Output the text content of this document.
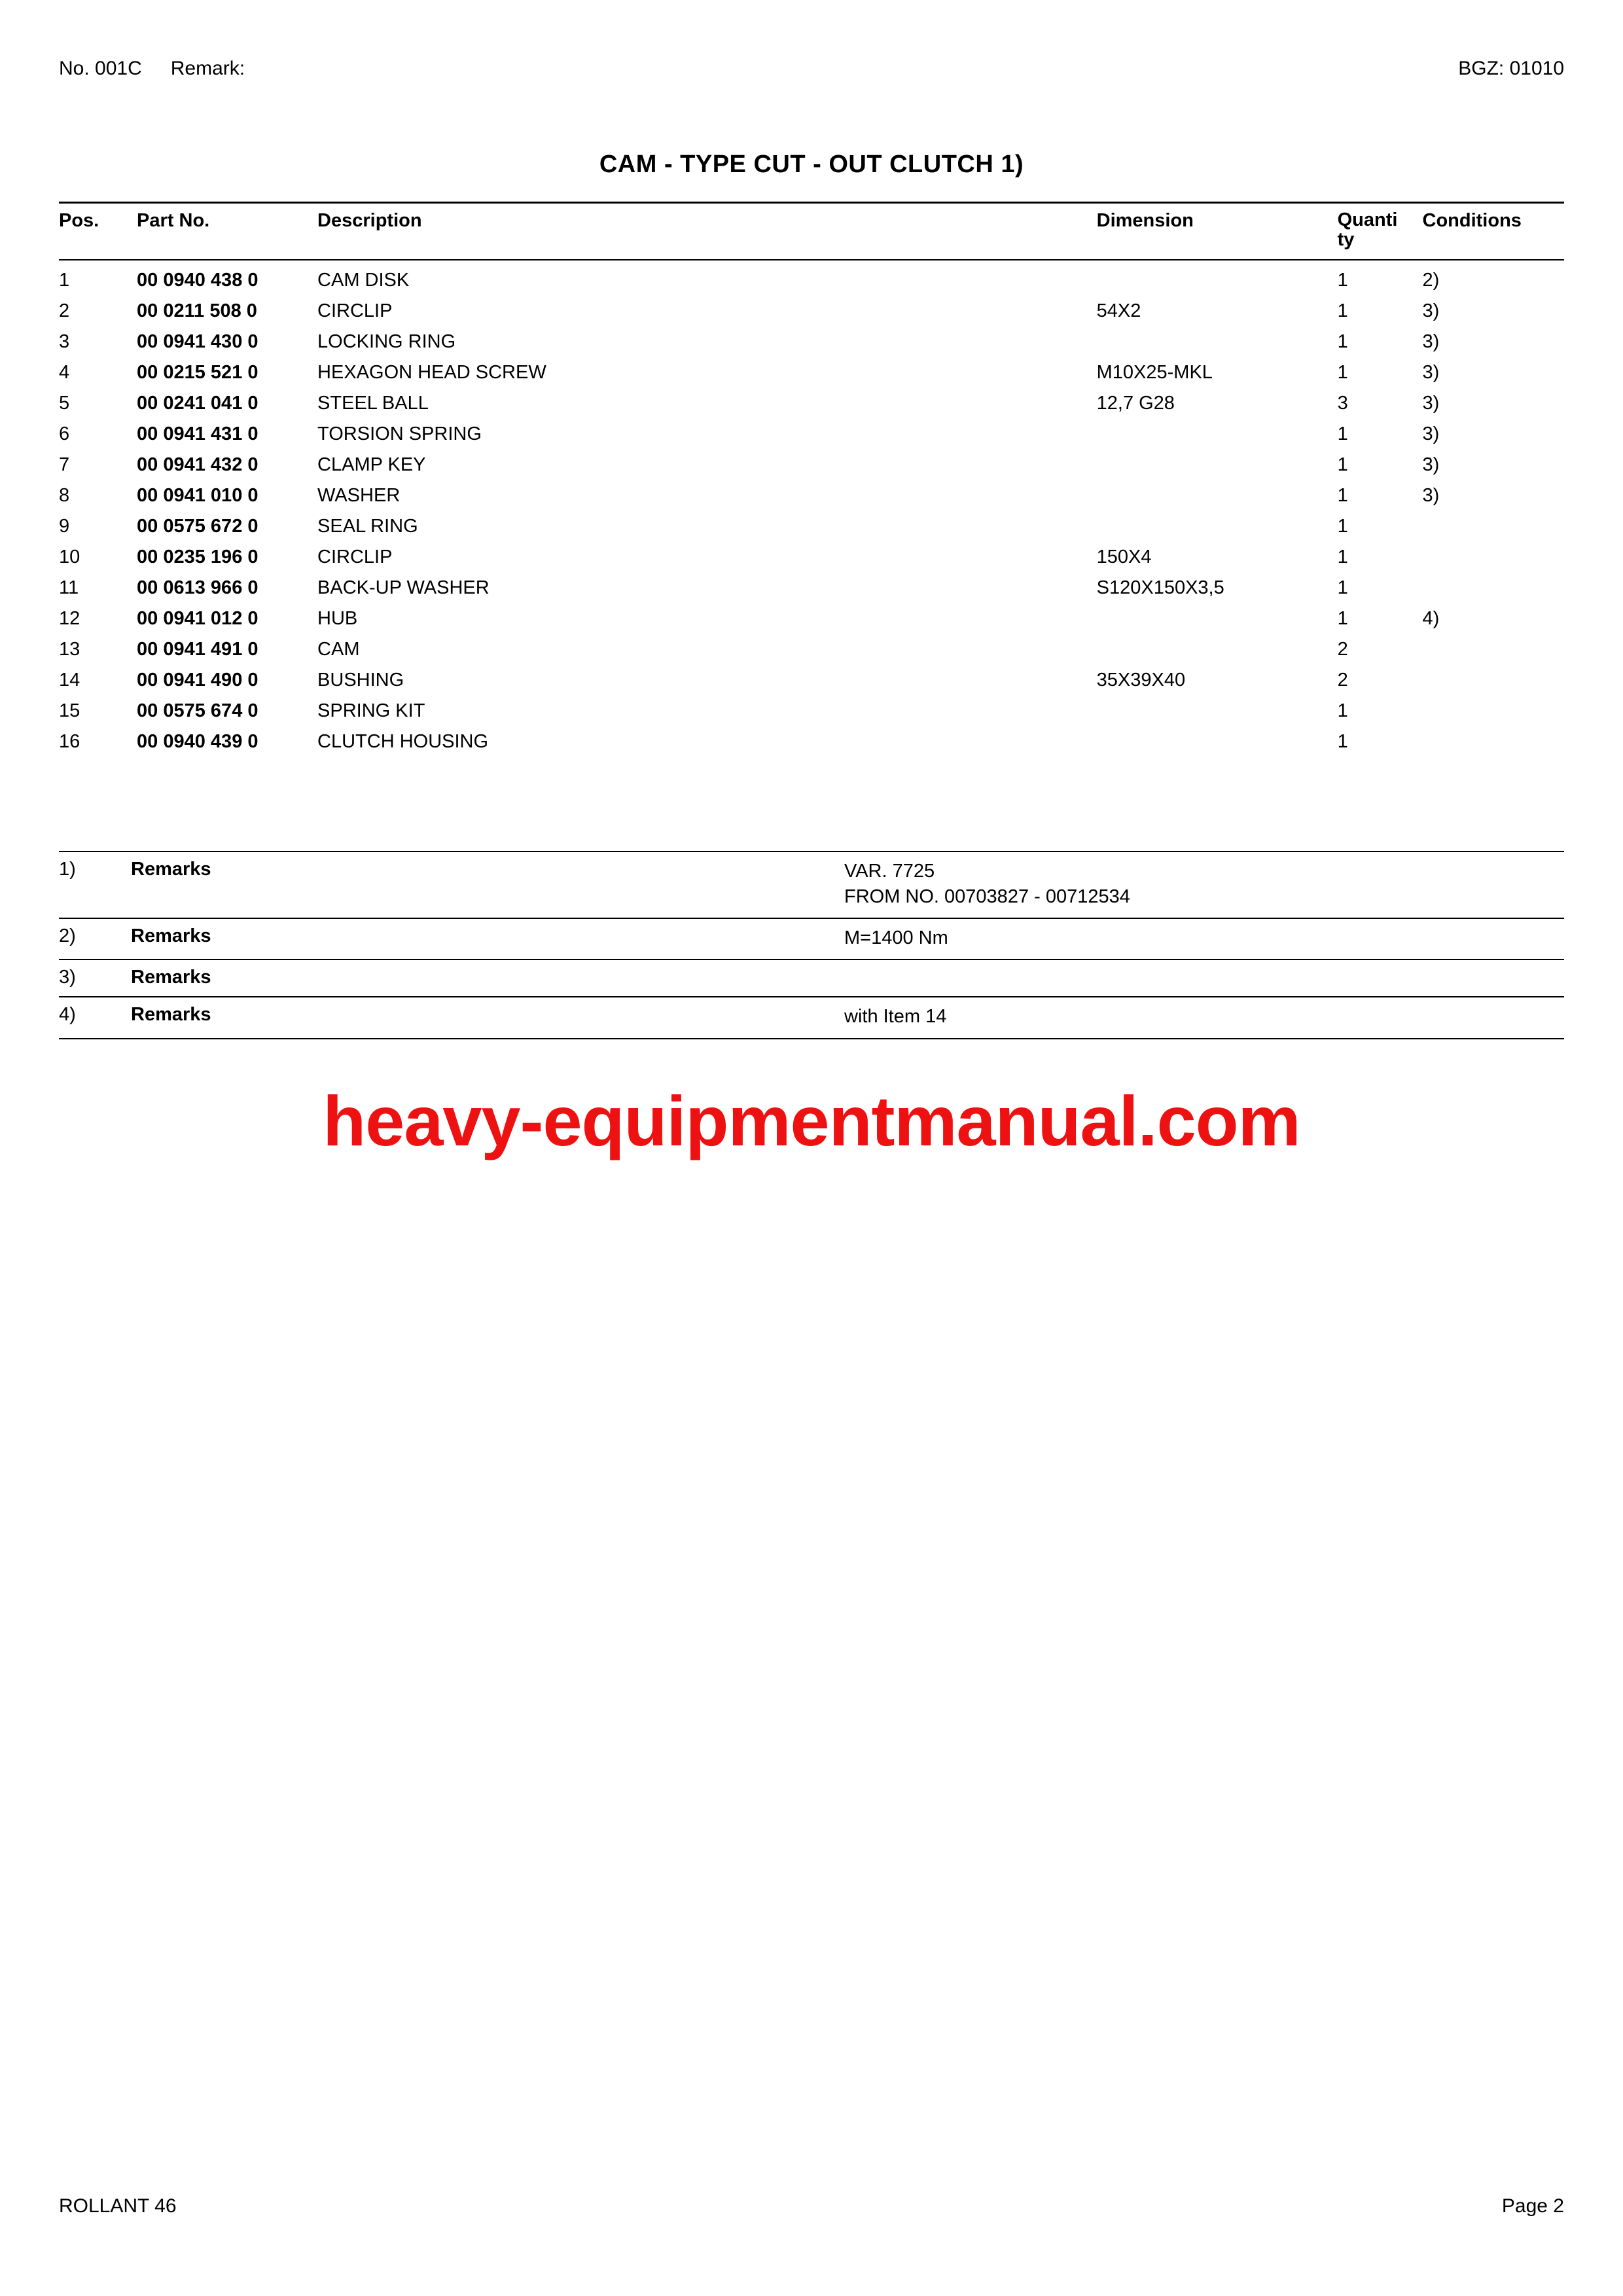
No. 001C Remark:	BGZ: 01010
CAM - TYPE CUT - OUT CLUTCH 1)
Pos.	Part No.	Description	Dimension	Quanti
ty	Conditions
1	00 0940 438 0	CAM DISK		1	2)
2	00 0211 508 0	CIRCLIP	54X2	1	3)
3	00 0941 430 0	LOCKING RING		1	3)
4	00 0215 521 0	HEXAGON HEAD SCREW	M10X25-MKL	1	3)
5	00 0241 041 0	STEEL BALL	12,7 G28	3	3)
6	00 0941 431 0	TORSION SPRING		1	3)
7	00 0941 432 0	CLAMP KEY		1	3)
8	00 0941 010 0	WASHER		1	3)
9	00 0575 672 0	SEAL RING		1	
10	00 0235 196 0	CIRCLIP	150X4	1	
11	00 0613 966 0	BACK-UP WASHER	S120X150X3,5	1	
12	00 0941 012 0	HUB		1	4)
13	00 0941 491 0	CAM		2	
14	00 0941 490 0	BUSHING	35X39X40	2	
15	00 0575 674 0	SPRING KIT		1	
16	00 0940 439 0	CLUTCH HOUSING		1	
1)	Remarks	VAR. 7725
FROM NO. 00703827 - 00712534

2)	Remarks	M=1400 Nm

3)	Remarks	

4)	Remarks	with Item 14
heavy-equipmentmanual.com
ROLLANT 46	Page 2
